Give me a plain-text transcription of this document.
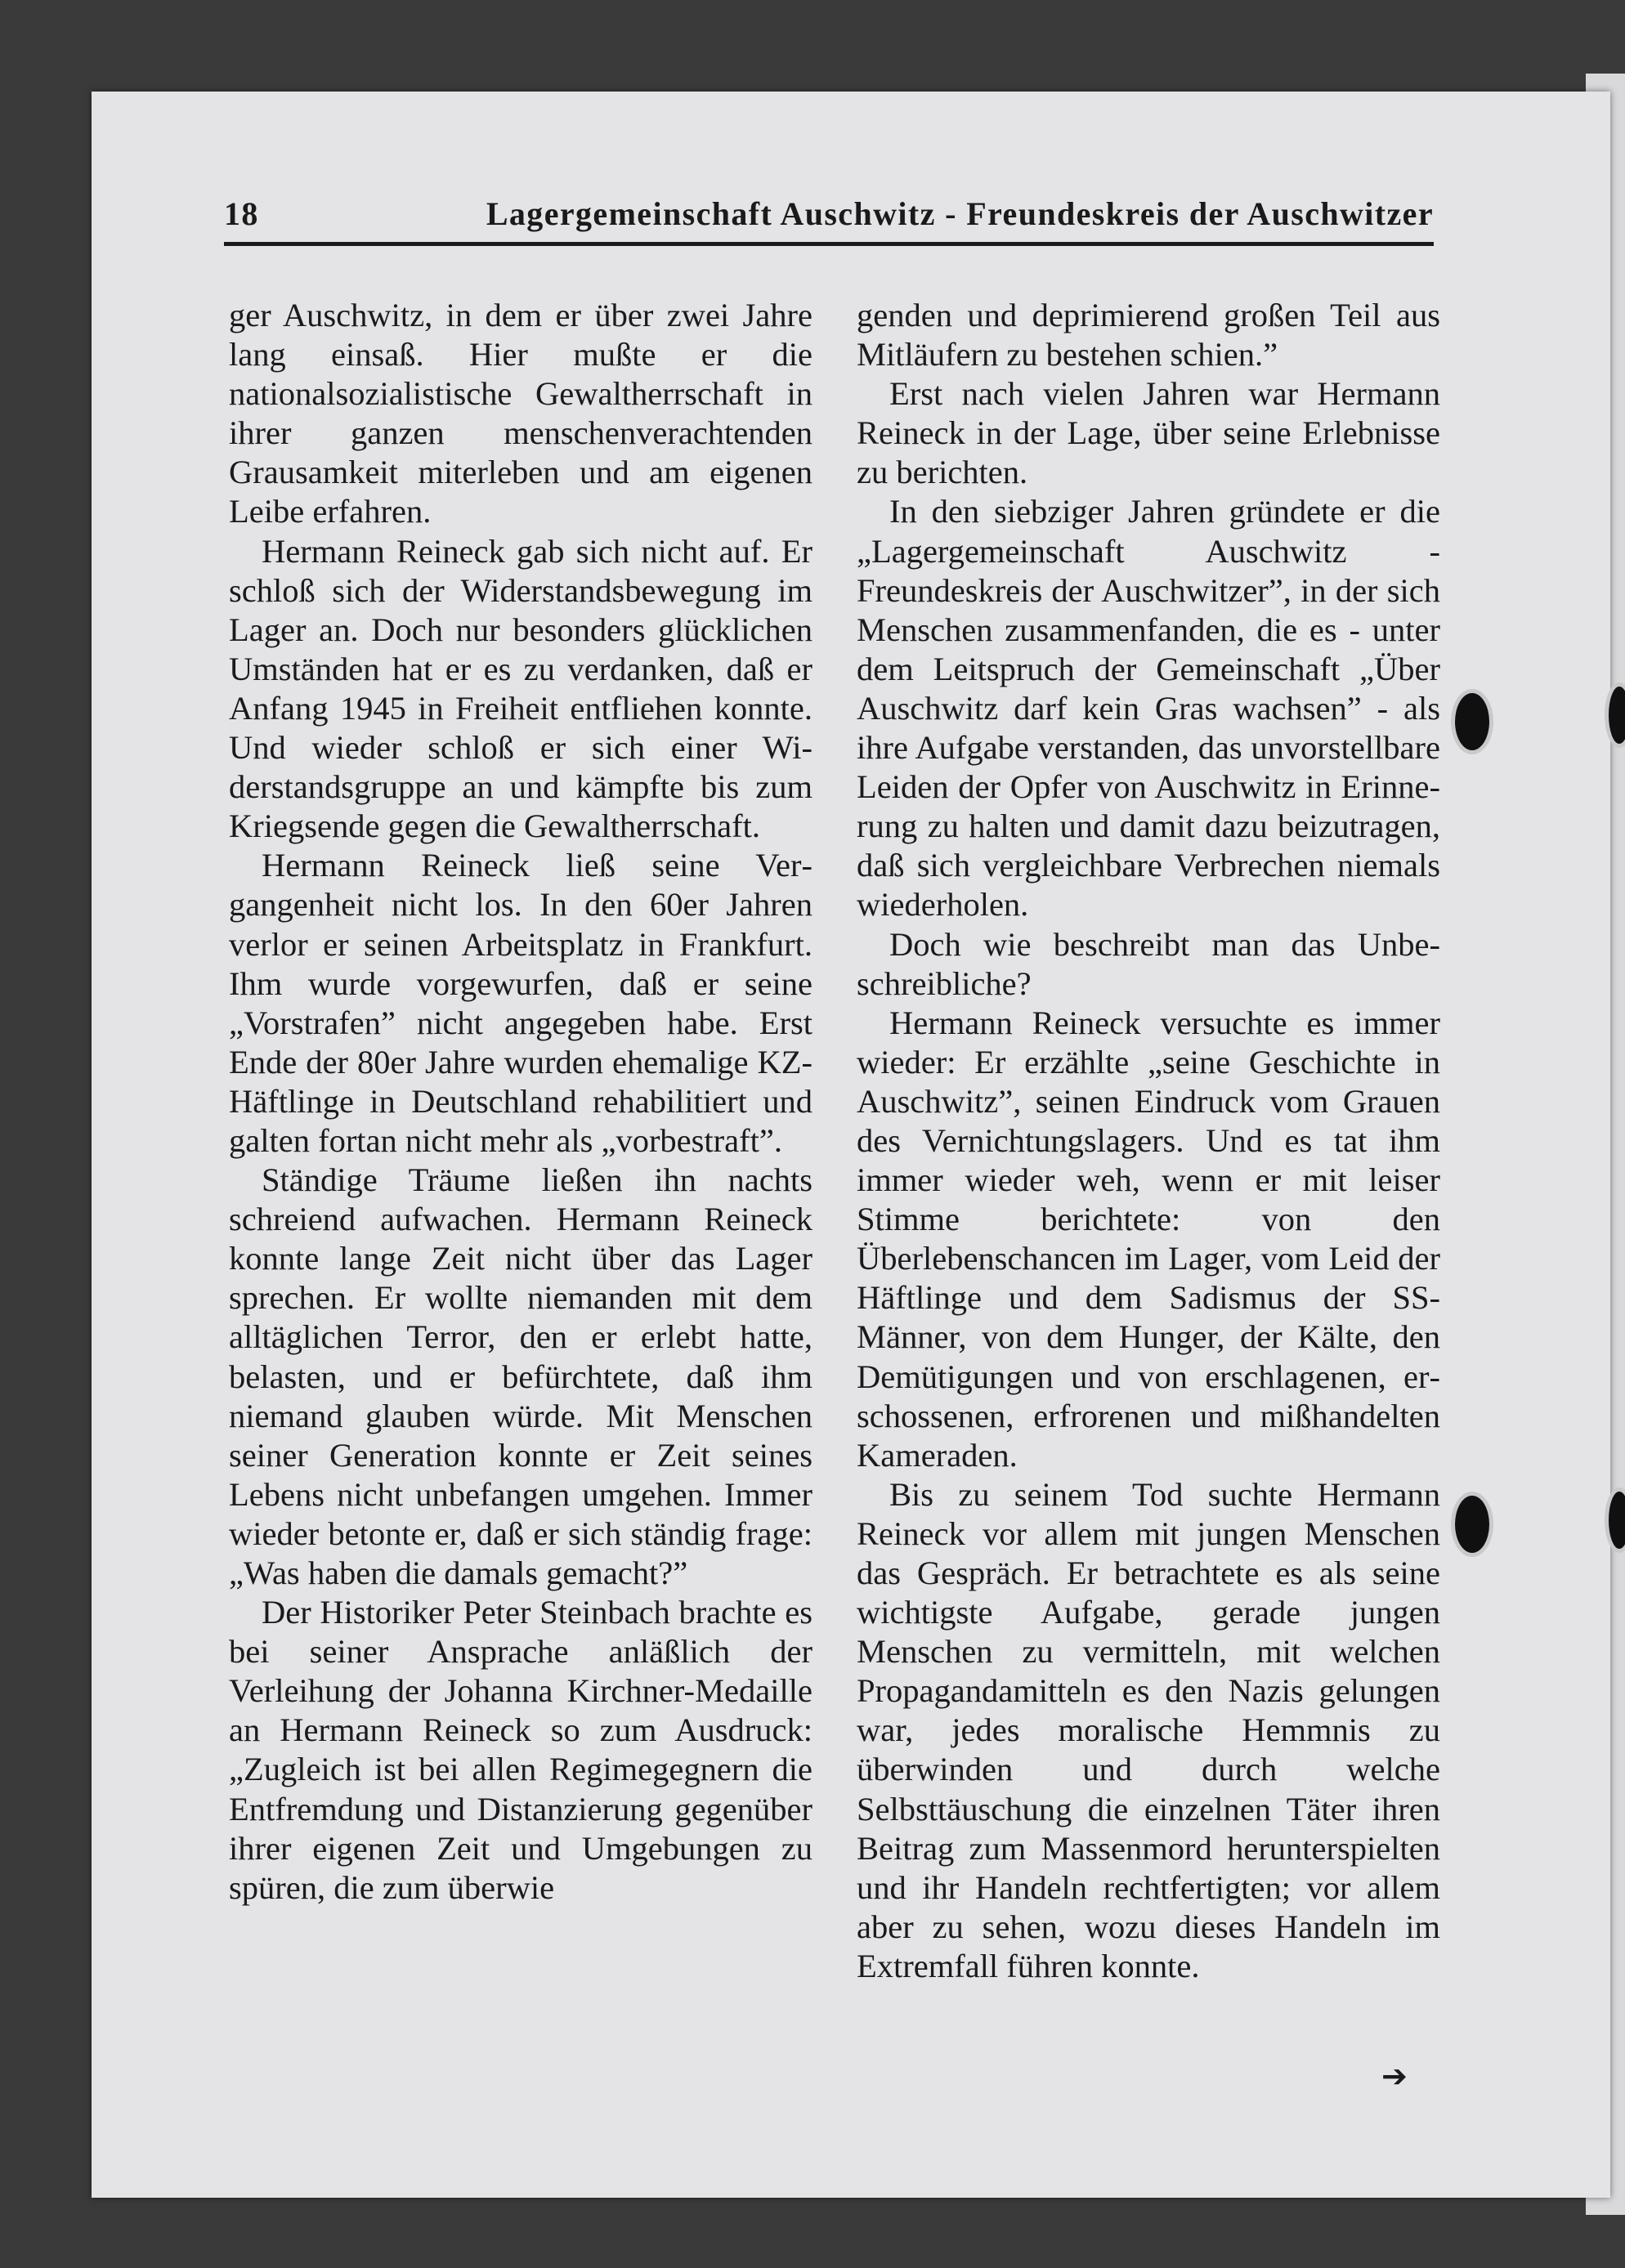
18	Lagergemeinschaft Auschwitz - Freundeskreis der Auschwitzer

ger Auschwitz, in dem er über zwei Jahre lang einsaß. Hier mußte er die nationalsozialistische Gewaltherrschaft in ihrer ganzen menschenverachtenden Grausamkeit miterleben und am eigenen Leibe erfahren.

Hermann Reineck gab sich nicht auf. Er schloß sich der Widerstandsbewegung im Lager an. Doch nur besonders glücklichen Umständen hat er es zu verdanken, daß er Anfang 1945 in Freiheit entfliehen konnte. Und wieder schloß er sich einer Widerstandsgruppe an und kämpfte bis zum Kriegsende gegen die Gewaltherrschaft.

Hermann Reineck ließ seine Vergangenheit nicht los. In den 60er Jahren verlor er seinen Arbeitsplatz in Frankfurt. Ihm wurde vorgewurfen, daß er seine „Vorstrafen” nicht angegeben habe. Erst Ende der 80er Jahre wurden ehemalige KZ-Häftlinge in Deutschland rehabilitiert und galten fortan nicht mehr als „vorbestraft”.

Ständige Träume ließen ihn nachts schreiend aufwachen. Hermann Reineck konnte lange Zeit nicht über das Lager sprechen. Er wollte niemanden mit dem alltäglichen Terror, den er erlebt hatte, belasten, und er befürchtete, daß ihm niemand glauben würde. Mit Menschen seiner Generation konnte er Zeit seines Lebens nicht unbefangen umgehen. Immer wieder betonte er, daß er sich ständig frage: „Was haben die damals gemacht?”

Der Historiker Peter Steinbach brachte es bei seiner Ansprache anläßlich der Verleihung der Johanna Kirchner-Medaille an Hermann Reineck so zum Ausdruck: „Zugleich ist bei allen Regimegegnern die Entfremdung und Distanzierung gegenüber ihrer eigenen Zeit und Umgebungen zu spüren, die zum überwie

genden und deprimierend großen Teil aus Mitläufern zu bestehen schien.”

Erst nach vielen Jahren war Hermann Reineck in der Lage, über seine Erlebnisse zu berichten.

In den siebziger Jahren gründete er die „Lagergemeinschaft Auschwitz - Freundeskreis der Auschwitzer”, in der sich Menschen zusammenfanden, die es - unter dem Leitspruch der Gemeinschaft „Über Auschwitz darf kein Gras wachsen” - als ihre Aufgabe verstanden, das unvorstellbare Leiden der Opfer von Auschwitz in Erinnerung zu halten und damit dazu beizutragen, daß sich vergleichbare Verbrechen niemals wiederholen.

Doch wie beschreibt man das Unbeschreibliche?

Hermann Reineck versuchte es immer wieder: Er erzählte „seine Geschichte in Auschwitz”, seinen Eindruck vom Grauen des Vernichtungslagers. Und es tat ihm immer wieder weh, wenn er mit leiser Stimme berichtete: von den Überlebenschancen im Lager, vom Leid der Häftlinge und dem Sadismus der SS-Männer, von dem Hunger, der Kälte, den Demütigungen und von erschlagenen, erschossenen, erfrorenen und mißhandelten Kameraden.

Bis zu seinem Tod suchte Hermann Reineck vor allem mit jungen Menschen das Gespräch. Er betrachtete es als seine wichtigste Aufgabe, gerade jungen Menschen zu vermitteln, mit welchen Propagandamitteln es den Nazis gelungen war, jedes moralische Hemmnis zu überwinden und durch welche Selbsttäuschung die einzelnen Täter ihren Beitrag zum Massenmord herunterspielten und ihr Handeln rechtfertigten; vor allem aber zu sehen, wozu dieses Handeln im Extremfall führen konnte.

➔
